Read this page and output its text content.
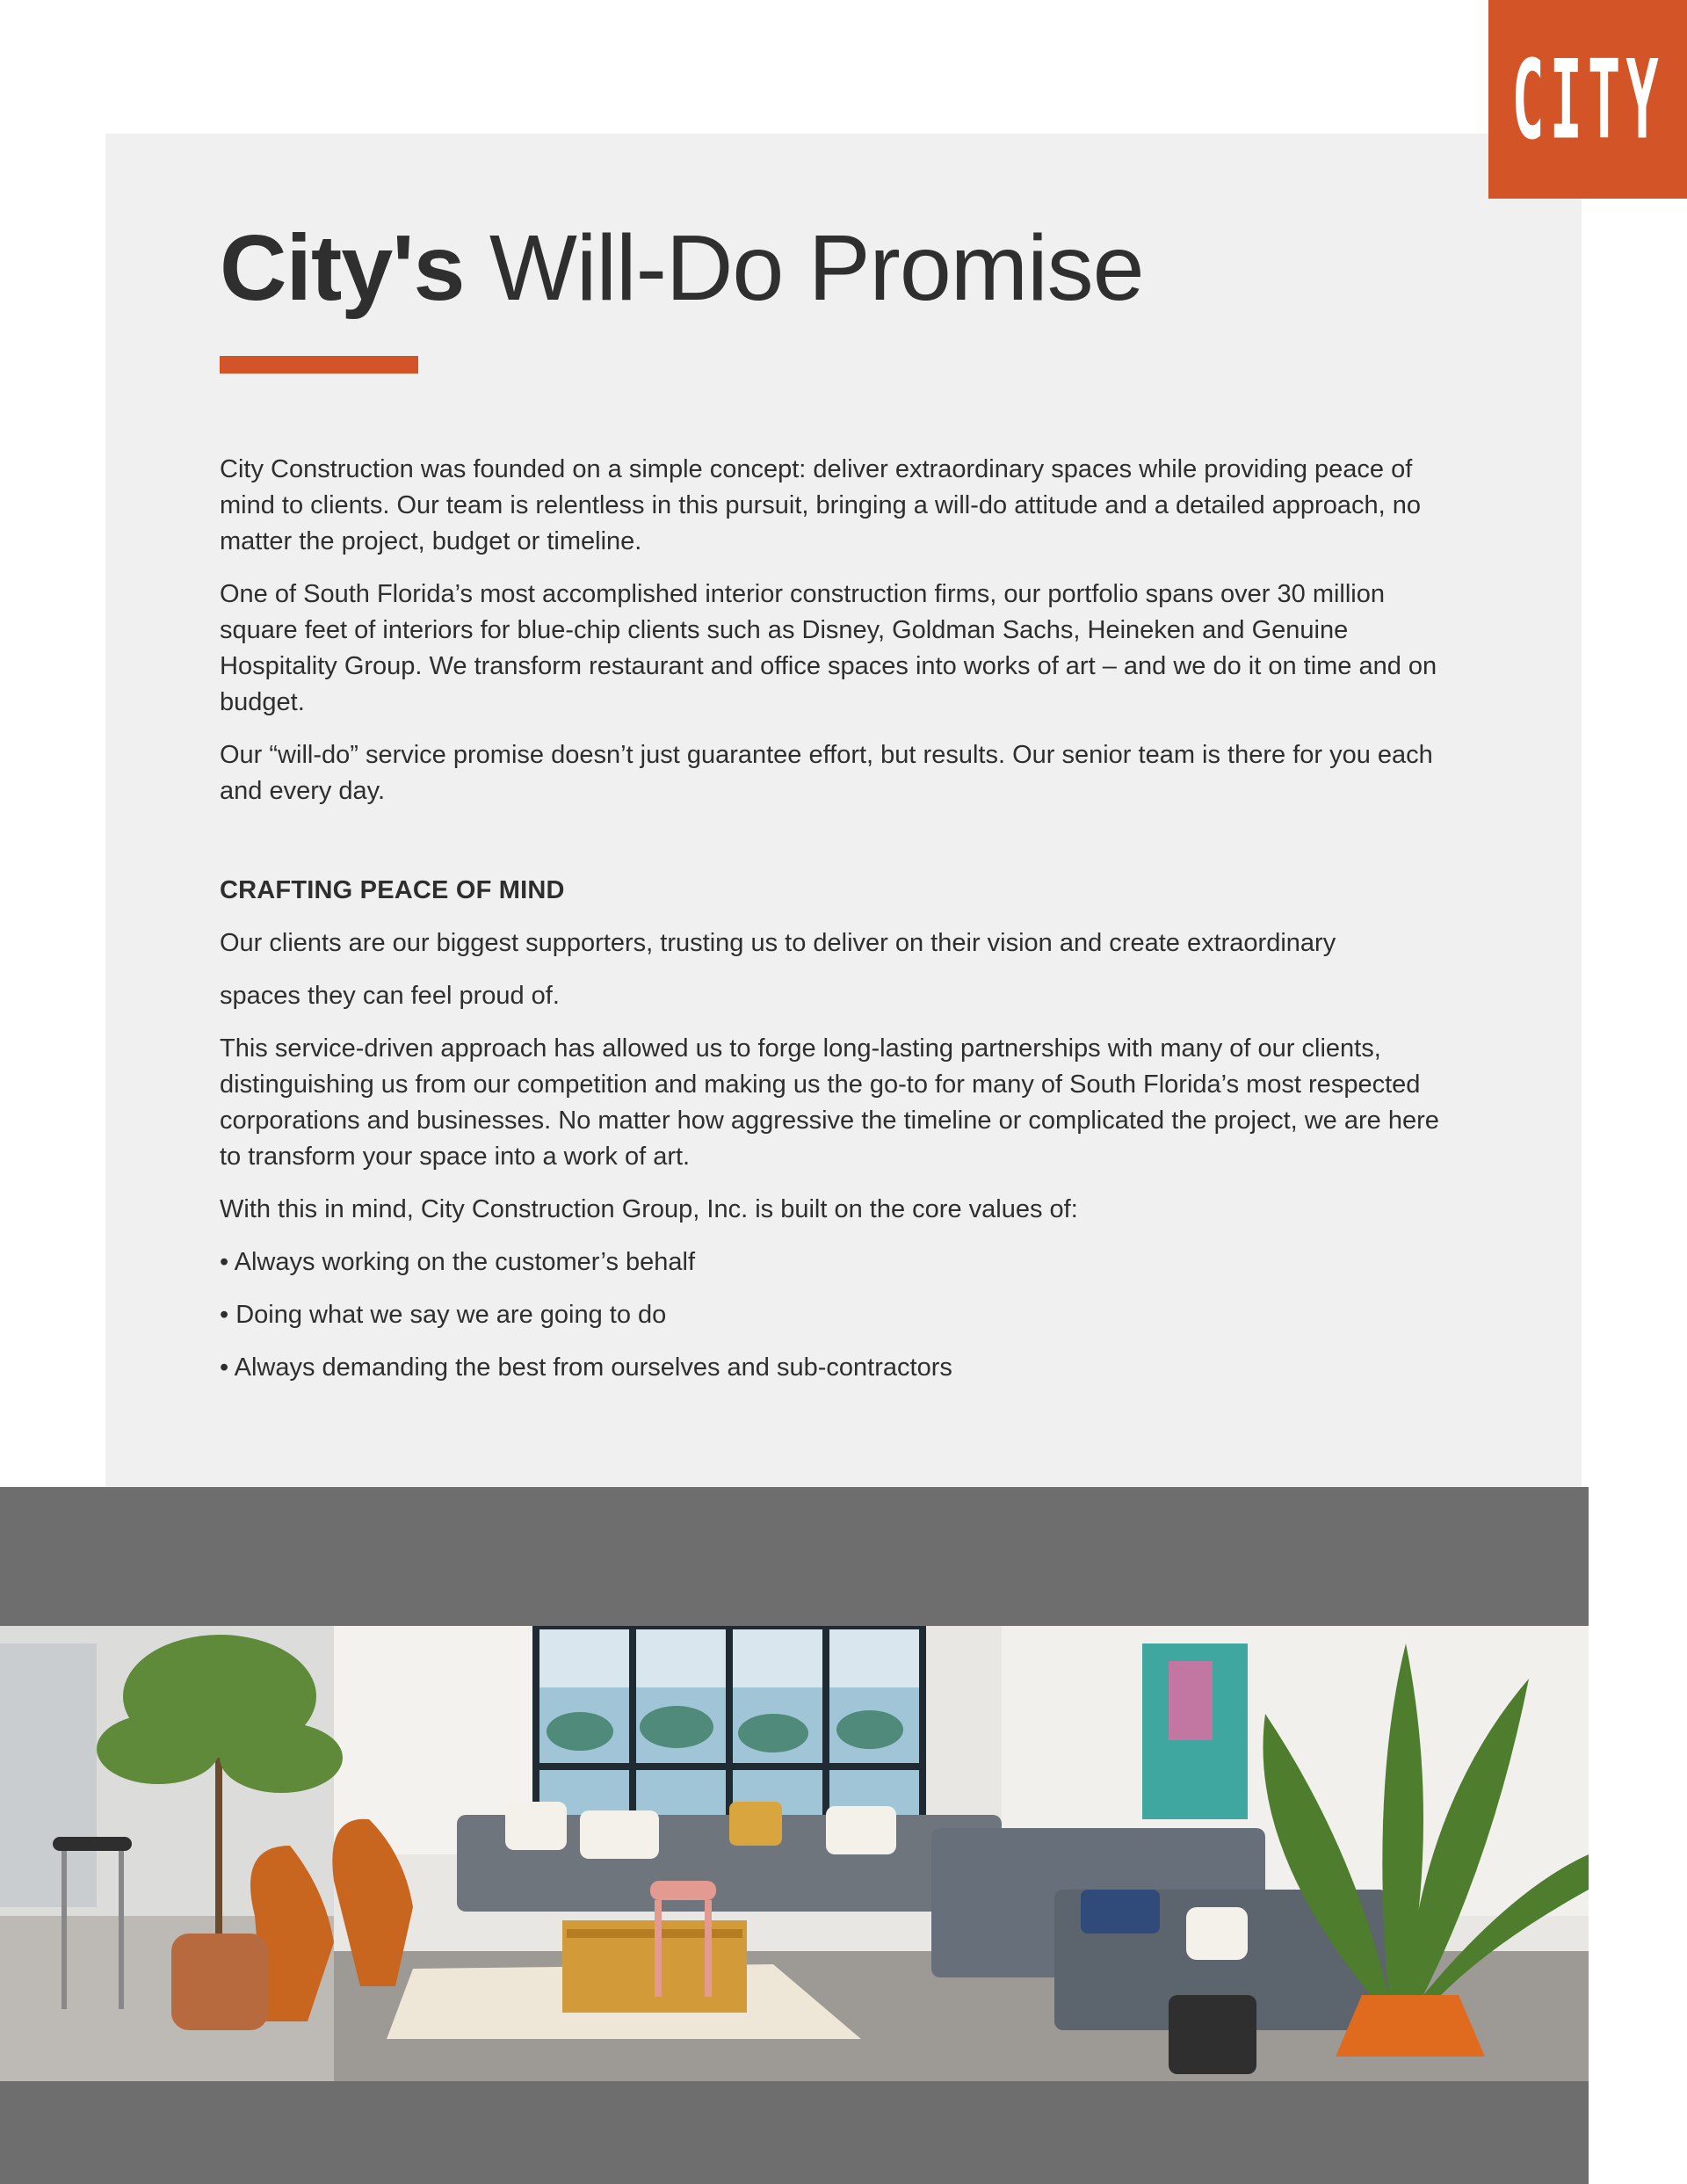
CITY
City's Will-Do Promise

City Construction was founded on a simple concept: deliver extraordinary spaces while providing peace of mind to clients. Our team is relentless in this pursuit, bringing a will-do attitude and a detailed approach, no matter the project, budget or timeline.

One of South Florida’s most accomplished interior construction firms, our portfolio spans over 30 million square feet of interiors for blue-chip clients such as Disney, Goldman Sachs, Heineken and Genuine Hospitality Group. We transform restaurant and office spaces into works of art – and we do it on time and on budget.

Our “will-do” service promise doesn’t just guarantee effort, but results. Our senior team is there for you each and every day.

CRAFTING PEACE OF MIND

Our clients are our biggest supporters, trusting us to deliver on their vision and create extraordinary

spaces they can feel proud of.

This service-driven approach has allowed us to forge long-lasting partnerships with many of our clients, distinguishing us from our competition and making us the go-to for many of South Florida’s most respected corporations and businesses. No matter how aggressive the timeline or complicated the project, we are here to transform your space into a work of art.

With this in mind, City Construction Group, Inc. is built on the core values of:

• Always working on the customer’s behalf

• Doing what we say we are going to do

• Always demanding the best from ourselves and sub-contractors
